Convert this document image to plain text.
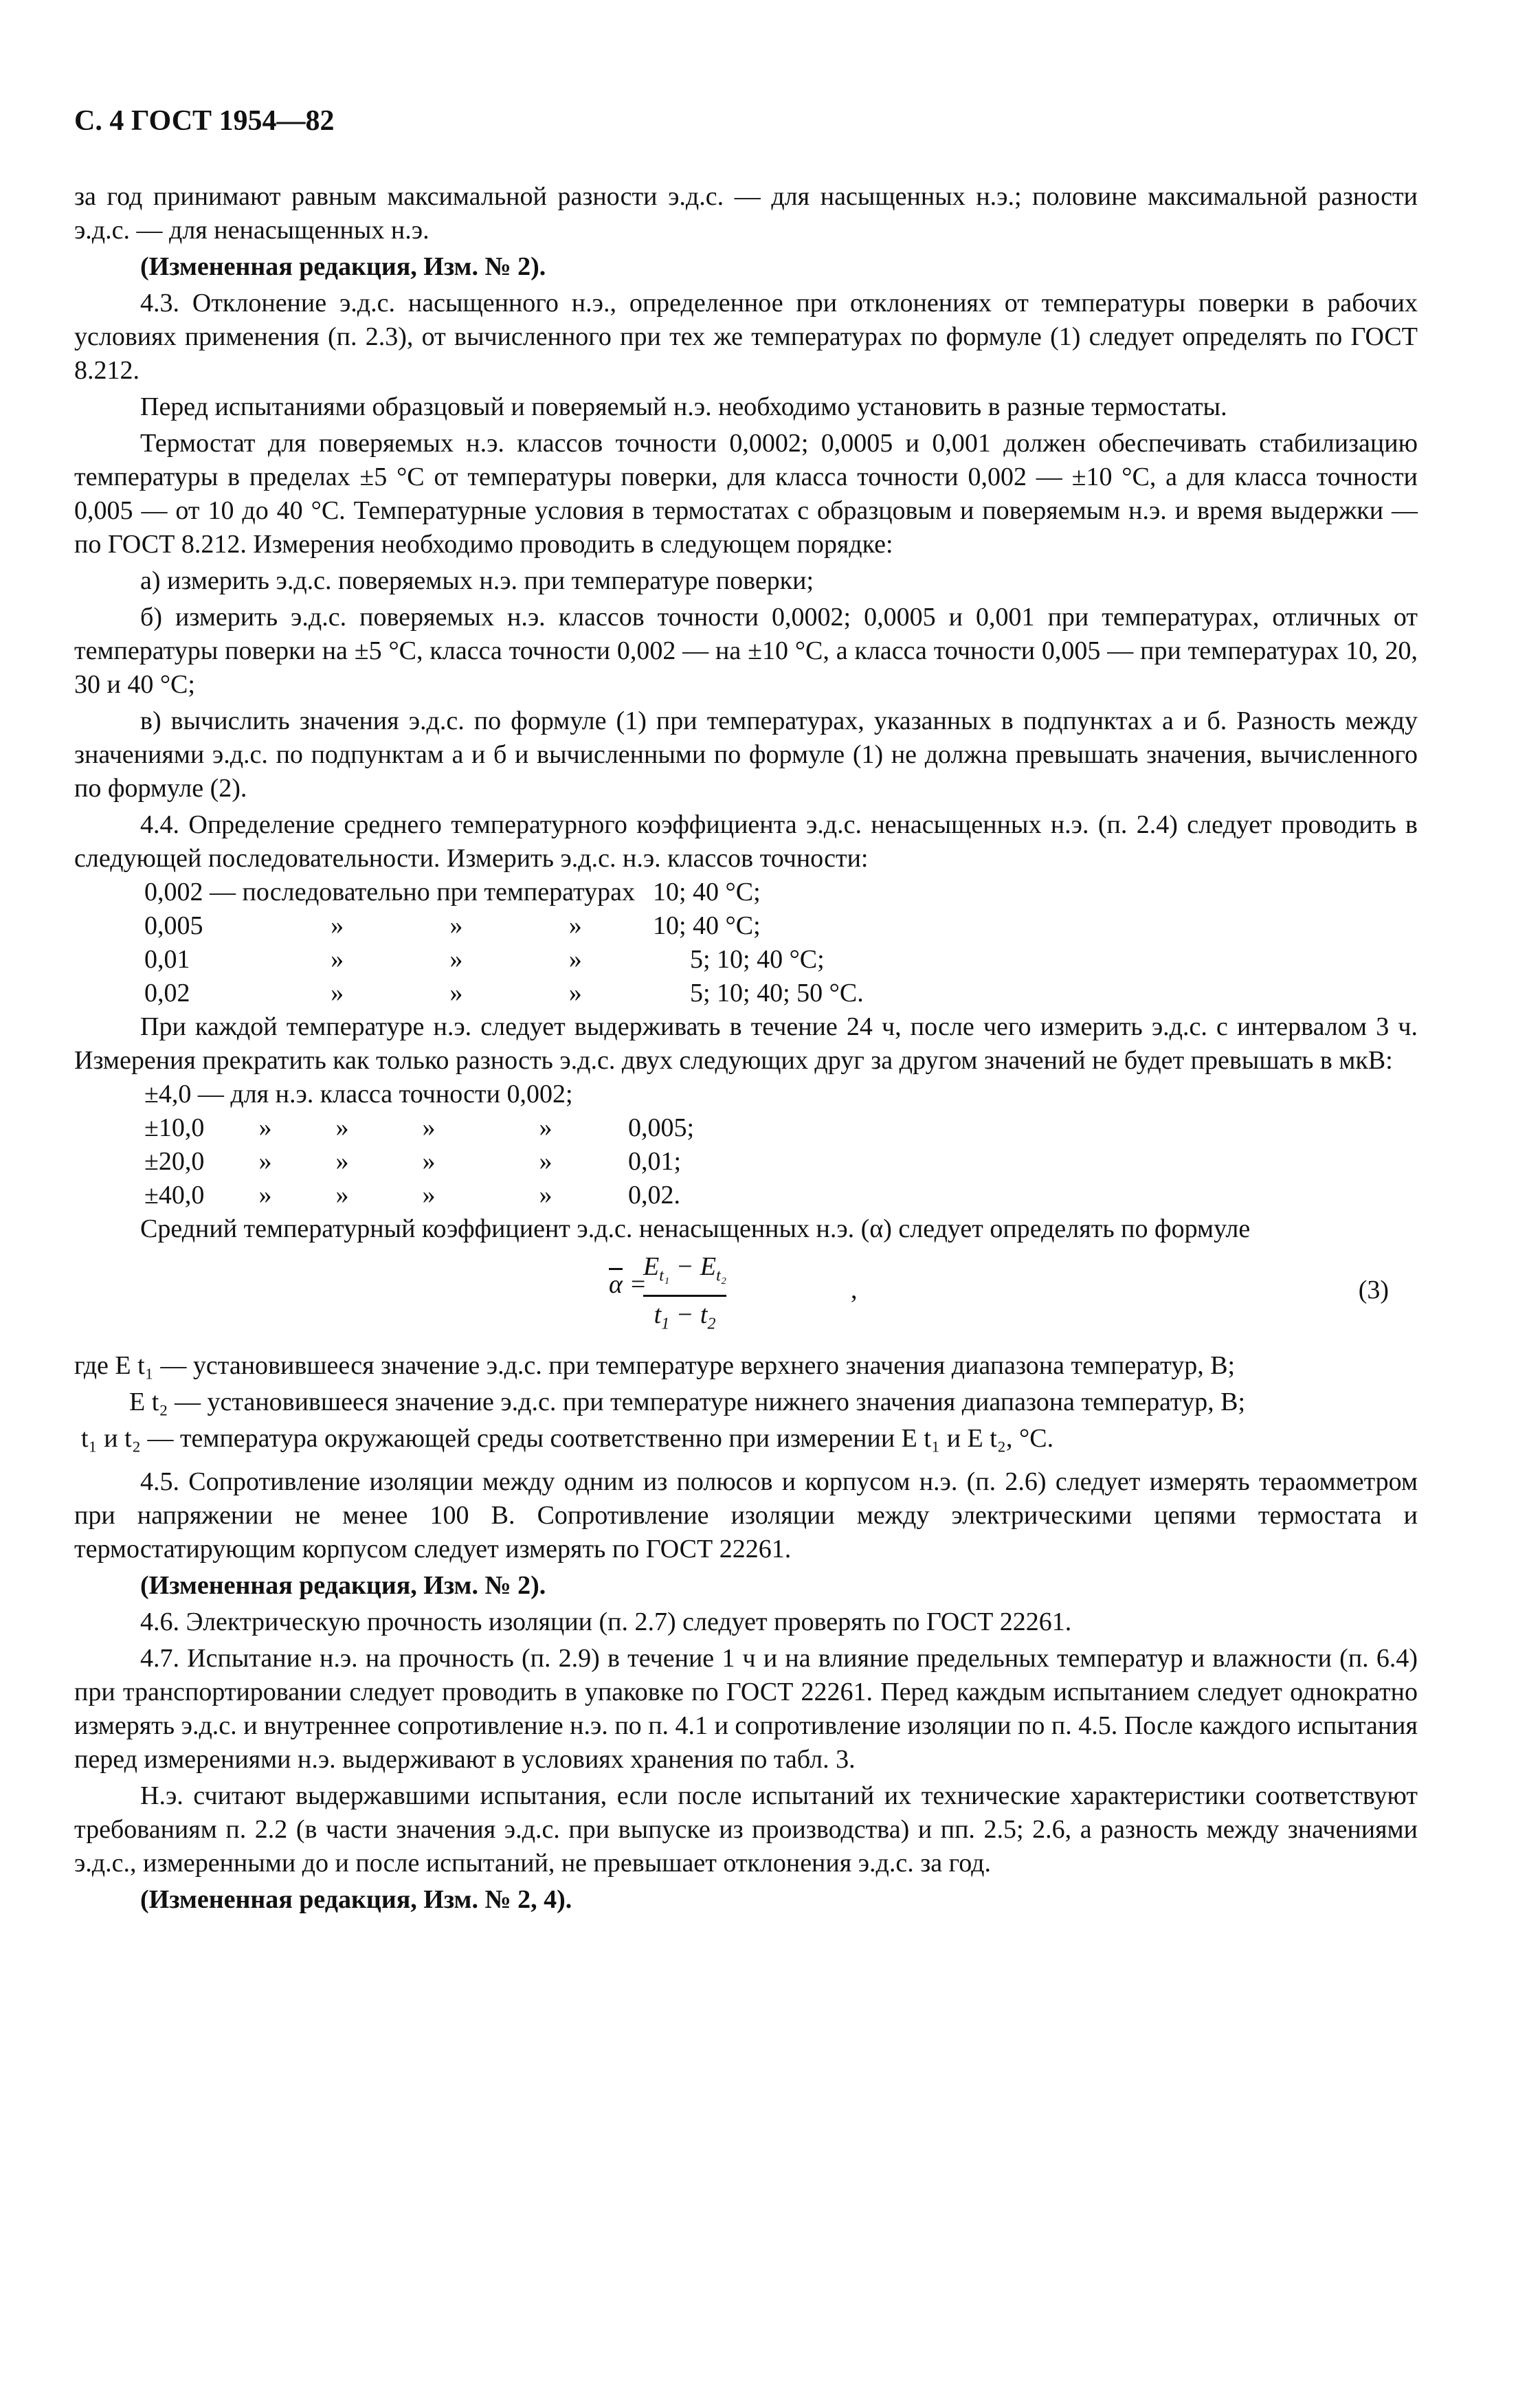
С. 4 ГОСТ 1954—82

за год принимают равным максимальной разности э.д.с. — для насыщенных н.э.; половине максимальной разности э.д.с. — для ненасыщенных н.э.

(Измененная редакция, Изм. № 2).

4.3. Отклонение э.д.с. насыщенного н.э., определенное при отклонениях от температуры поверки в рабочих условиях применения (п. 2.3), от вычисленного при тех же температурах по формуле (1) следует определять по ГОСТ 8.212.

Перед испытаниями образцовый и поверяемый н.э. необходимо установить в разные термостаты.

Термостат для поверяемых н.э. классов точности 0,0002; 0,0005 и 0,001 должен обеспечивать стабилизацию температуры в пределах ±5 °С от температуры поверки, для класса точности 0,002 — ±10 °С, а для класса точности 0,005 — от 10 до 40 °С. Температурные условия в термостатах с образцовым и поверяемым н.э. и время выдержки — по ГОСТ 8.212. Измерения необходимо проводить в следующем порядке:

а) измерить э.д.с. поверяемых н.э. при температуре поверки;

б) измерить э.д.с. поверяемых н.э. классов точности 0,0002; 0,0005 и 0,001 при температурах, отличных от температуры поверки на ±5 °С, класса точности 0,002 — на ±10 °С, а класса точности 0,005 — при температурах 10, 20, 30 и 40 °С;

в) вычислить значения э.д.с. по формуле (1) при температурах, указанных в подпунктах а и б. Разность между значениями э.д.с. по подпунктам а и б и вычисленными по формуле (1) не должна превышать значения, вычисленного по формуле (2).

4.4. Определение среднего температурного коэффициента э.д.с. ненасыщенных н.э. (п. 2.4) следует проводить в следующей последовательности. Измерить э.д.с. н.э. классов точности:

0,002 — последовательно при температурах				10; 40 °С;
0,005	»	»	»	10; 40 °С;
0,01	»	»	»	5; 10; 40 °С;
0,02	»	»	»	5; 10; 40; 50 °С.

При каждой температуре н.э. следует выдерживать в течение 24 ч, после чего измерить э.д.с. с интервалом 3 ч. Измерения прекратить как только разность э.д.с. двух следующих друг за другом значений не будет превышать в мкВ:

±4,0 — для н.э. класса точности 0,002;					
±10,0	»	»	»	»	0,005;
±20,0	»	»	»	»	0,01;
±40,0	»	»	»	»	0,02.

Средний температурный коэффициент э.д.с. ненасыщенных н.э. (α) следует определять по формуле

$\overline{\alpha}$ =
$E_{t_1} - E_{t_2}$
$t_1 - t_2$
,	(3)

где E t₁ — установившееся значение э.д.с. при температуре верхнего значения диапазона температур, В;

E t₂ — установившееся значение э.д.с. при температуре нижнего значения диапазона температур, В;

t₁ и t₂ — температура окружающей среды соответственно при измерении E t₁ и E t₂, °С.

4.5. Сопротивление изоляции между одним из полюсов и корпусом н.э. (п. 2.6) следует измерять тераомметром при напряжении не менее 100 В. Сопротивление изоляции между электрическими цепями термостата и термостатирующим корпусом следует измерять по ГОСТ 22261.

(Измененная редакция, Изм. № 2).

4.6. Электрическую прочность изоляции (п. 2.7) следует проверять по ГОСТ 22261.

4.7. Испытание н.э. на прочность (п. 2.9) в течение 1 ч и на влияние предельных температур и влажности (п. 6.4) при транспортировании следует проводить в упаковке по ГОСТ 22261. Перед каждым испытанием следует однократно измерять э.д.с. и внутреннее сопротивление н.э. по п. 4.1 и сопротивление изоляции по п. 4.5. После каждого испытания перед измерениями н.э. выдерживают в условиях хранения по табл. 3.

Н.э. считают выдержавшими испытания, если после испытаний их технические характеристики соответствуют требованиям п. 2.2 (в части значения э.д.с. при выпуске из производства) и пп. 2.5; 2.6, а разность между значениями э.д.с., измеренными до и после испытаний, не превышает отклонения э.д.с. за год.

(Измененная редакция, Изм. № 2, 4).
